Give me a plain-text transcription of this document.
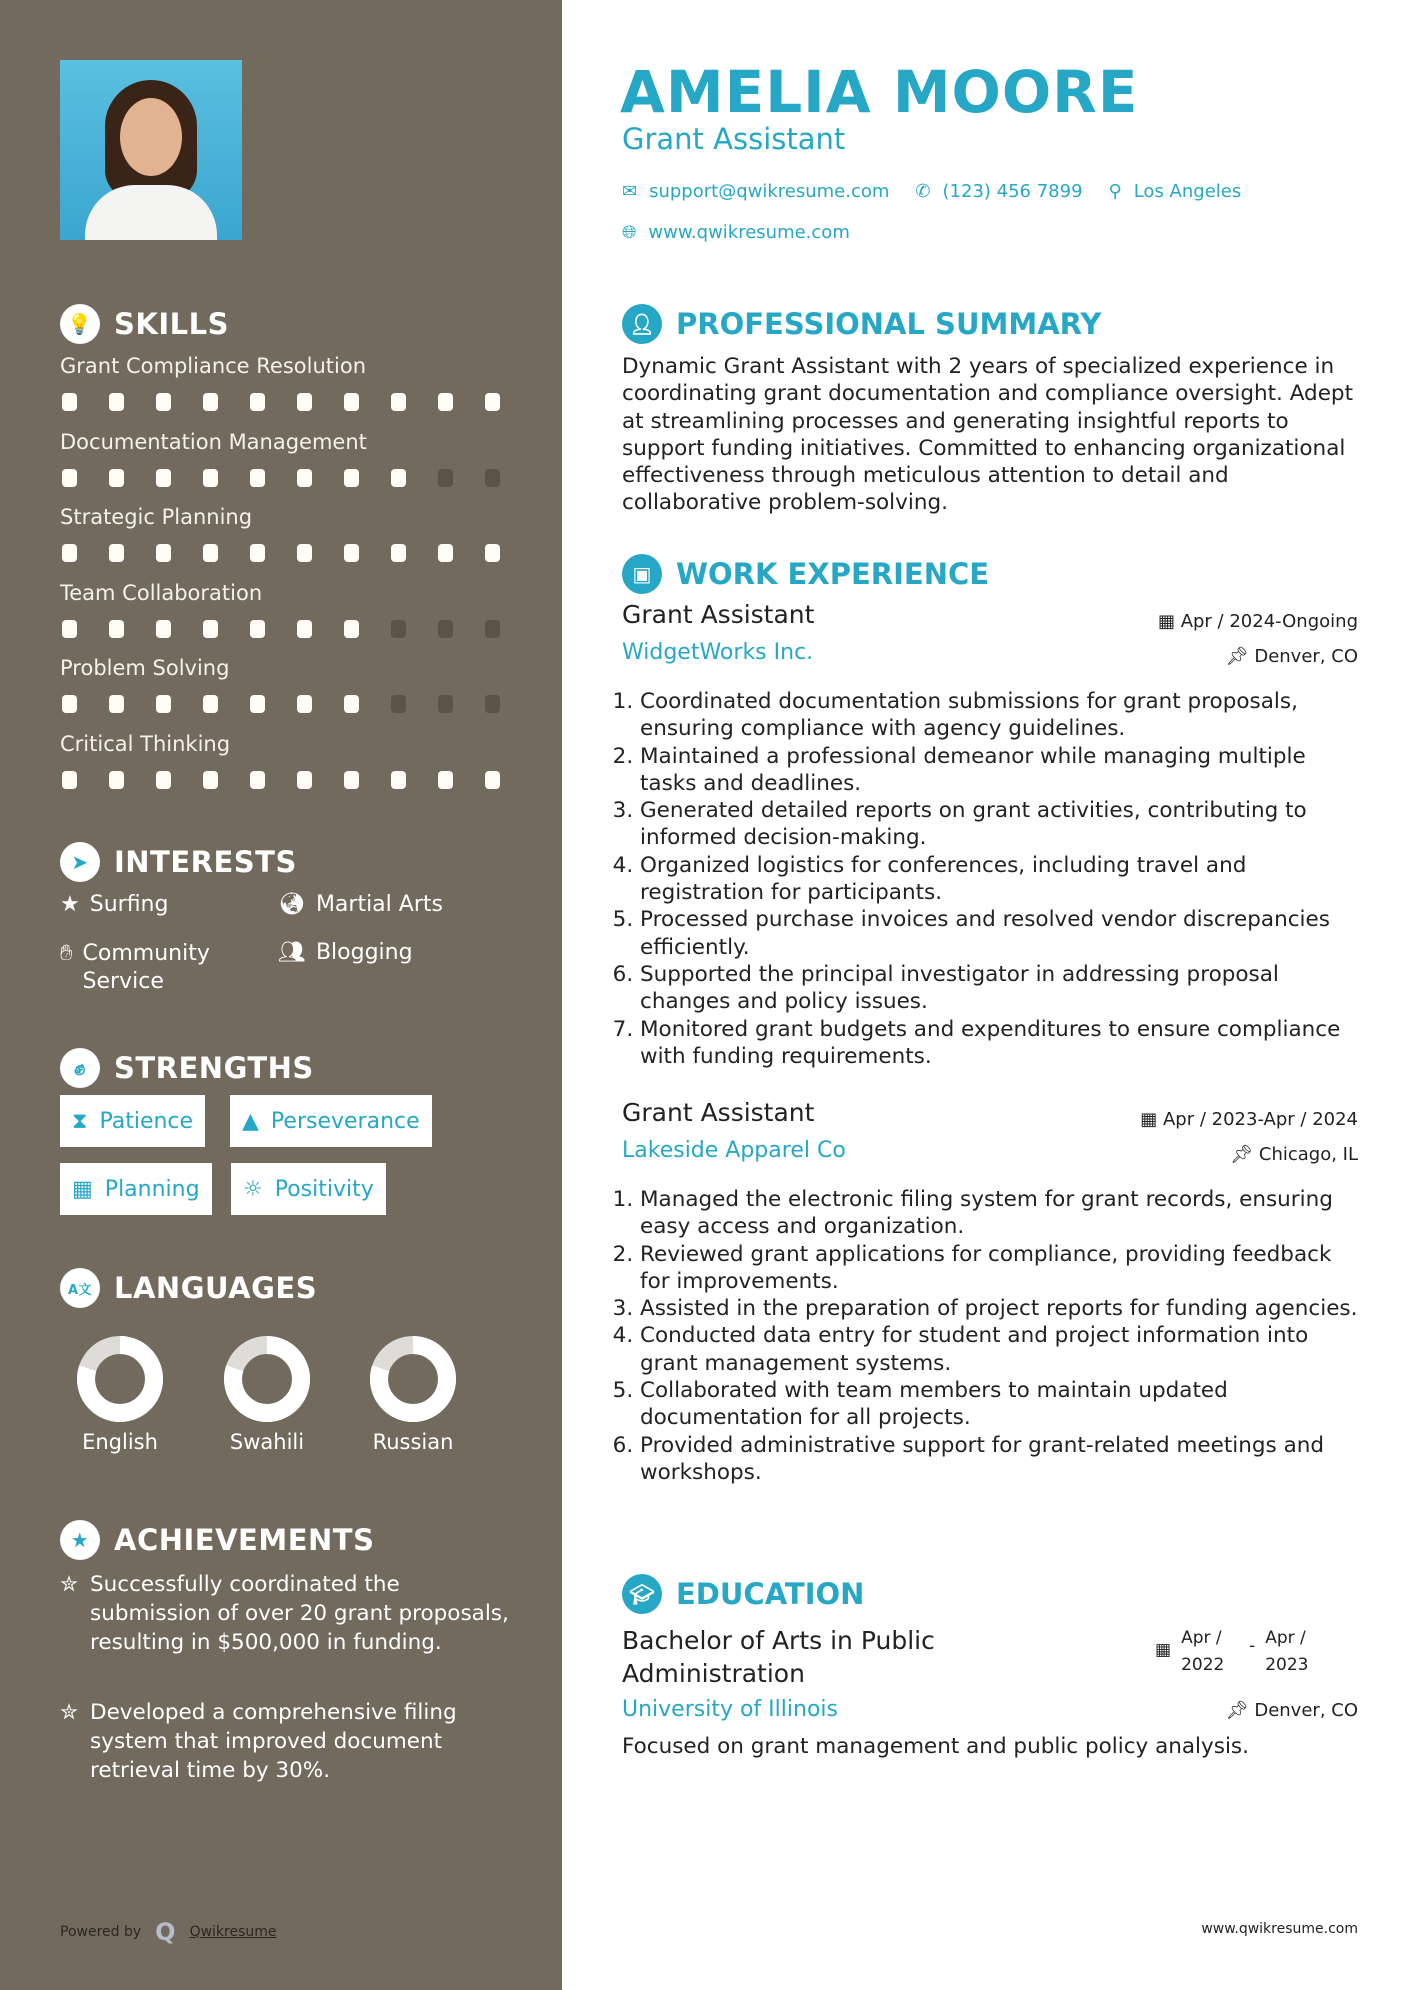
💡 SKILLS
Grant Compliance Resolution
Documentation Management
Strategic Planning
Team Collaboration
Problem Solving
Critical Thinking
➤ INTERESTS
★ Surfing	🌏︎ Martial Arts
✋︎ Community Service
👥︎ Blogging
✊︎ STRENGTHS
⧗ Patience ▲ Perseverance
▦ Planning ☼ Positivity
A文 LANGUAGES
English	Swahili	Russian
★ ACHIEVEMENTS
✮ Successfully coordinated the submission of over 20 grant proposals, resulting in $500,000 in funding.
✮ Developed a comprehensive filing system that improved document retrieval time by 30%.
Powered by Q Qwikresume
AMELIA MOORE
Grant Assistant
✉ support@qwikresume.com ✆ (123) 456 7899 ⚲ Los Angeles
🌐︎ www.qwikresume.com
👤︎ PROFESSIONAL SUMMARY
Dynamic Grant Assistant with 2 years of specialized experience in coordinating grant documentation and compliance oversight. Adept at streamlining processes and generating insightful reports to support funding initiatives. Committed to enhancing organizational effectiveness through meticulous attention to detail and collaborative problem-solving.
▣ WORK EXPERIENCE
Grant Assistant	▦ Apr / 2024-Ongoing
WidgetWorks Inc.	📌︎ Denver, CO
1. Coordinated documentation submissions for grant proposals, ensuring compliance with agency guidelines.
2. Maintained a professional demeanor while managing multiple tasks and deadlines.
3. Generated detailed reports on grant activities, contributing to informed decision-making.
4. Organized logistics for conferences, including travel and registration for participants.
5. Processed purchase invoices and resolved vendor discrepancies efficiently.
6. Supported the principal investigator in addressing proposal changes and policy issues.
7. Monitored grant budgets and expenditures to ensure compliance with funding requirements.
Grant Assistant	▦ Apr / 2023-Apr / 2024
Lakeside Apparel Co	📌︎ Chicago, IL
1. Managed the electronic filing system for grant records, ensuring easy access and organization.
2. Reviewed grant applications for compliance, providing feedback for improvements.
3. Assisted in the preparation of project reports for funding agencies.
4. Conducted data entry for student and project information into grant management systems.
5. Collaborated with team members to maintain updated documentation for all projects.
6. Provided administrative support for grant-related meetings and workshops.
🎓︎ EDUCATION
Bachelor of Arts in Public Administration
▦
Apr / 2022
- Apr / 2023
University of Illinois	📌︎ Denver, CO
Focused on grant management and public policy analysis.
www.qwikresume.com
